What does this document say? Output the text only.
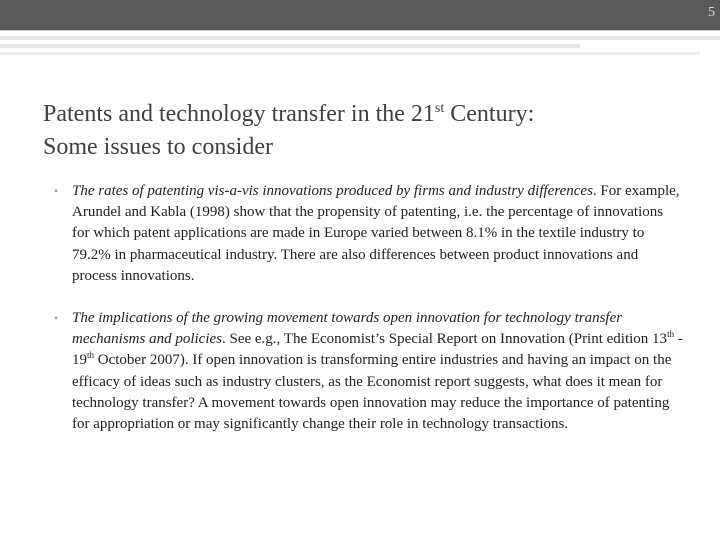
5
Patents and technology transfer in the 21st Century:
Some issues to consider
• The rates of patenting vis-a-vis innovations produced by firms and industry differences. For example, Arundel and Kabla (1998) show that the propensity of patenting, i.e. the percentage of innovations for which patent applications are made in Europe varied between 8.1% in the textile industry to 79.2% in pharmaceutical industry. There are also differences between product innovations and process innovations.
• The implications of the growing movement towards open innovation for technology transfer mechanisms and policies. See e.g., The Economist’s Special Report on Innovation (Print edition 13th - 19th October 2007). If open innovation is transforming entire industries and having an impact on the efficacy of ideas such as industry clusters, as the Economist report suggests, what does it mean for technology transfer? A movement towards open innovation may reduce the importance of patenting for appropriation or may significantly change their role in technology transactions.
